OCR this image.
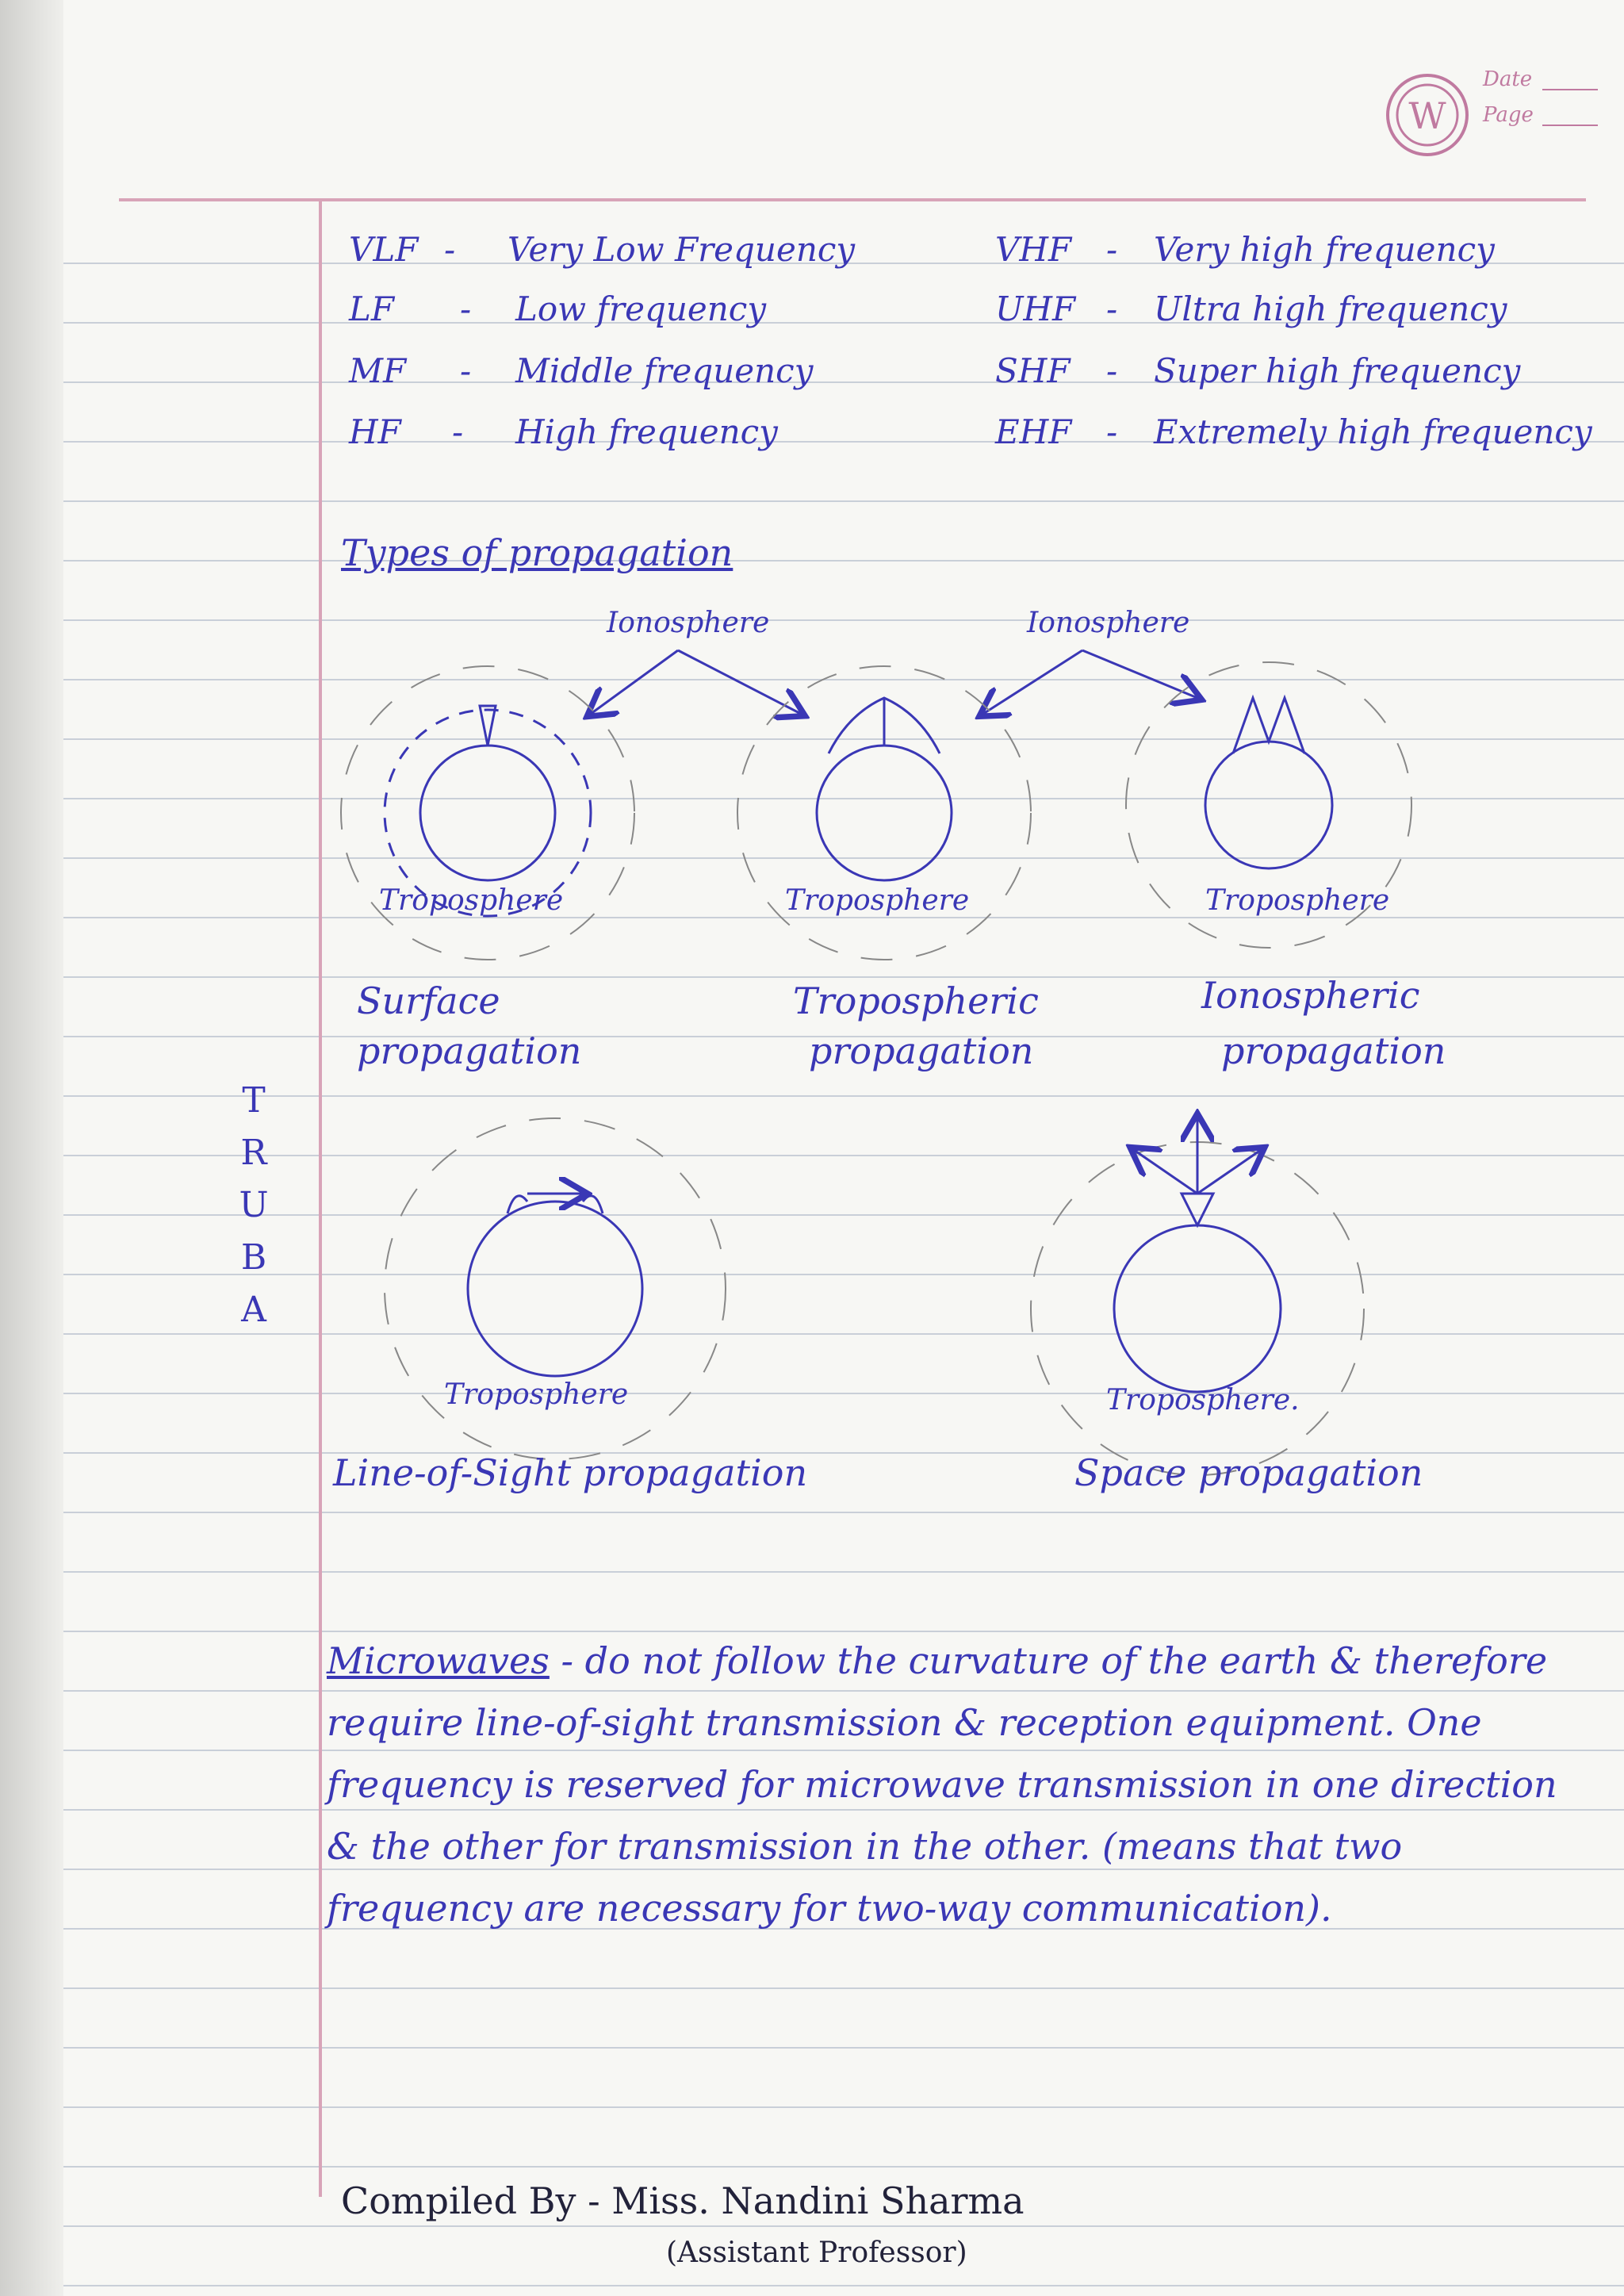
W
Date
Page
VLF - Very Low Frequency
LF - Low frequency
MF - Middle frequency
HF - High frequency
VHF - Very high frequency
UHF - Ultra high frequency
SHF - Super high frequency
EHF - Extremely high frequency
Types of propagation
Ionosphere	Ionosphere
Troposphere	Troposphere	Troposphere
Troposphere	Troposphere.
Surface
propagation
Tropospheric
propagation
Ionospheric
propagation
Line-of-Sight propagation	Space propagation
T
R
U
B
A
Microwaves - do not follow the curvature of the earth & therefore require line-of-sight transmission & reception equipment. One frequency is reserved for microwave transmission in one direction & the other for transmission in the other. (means that two frequency are necessary for two-way communication).
Compiled By - Miss. Nandini Sharma
(Assistant Professor)
